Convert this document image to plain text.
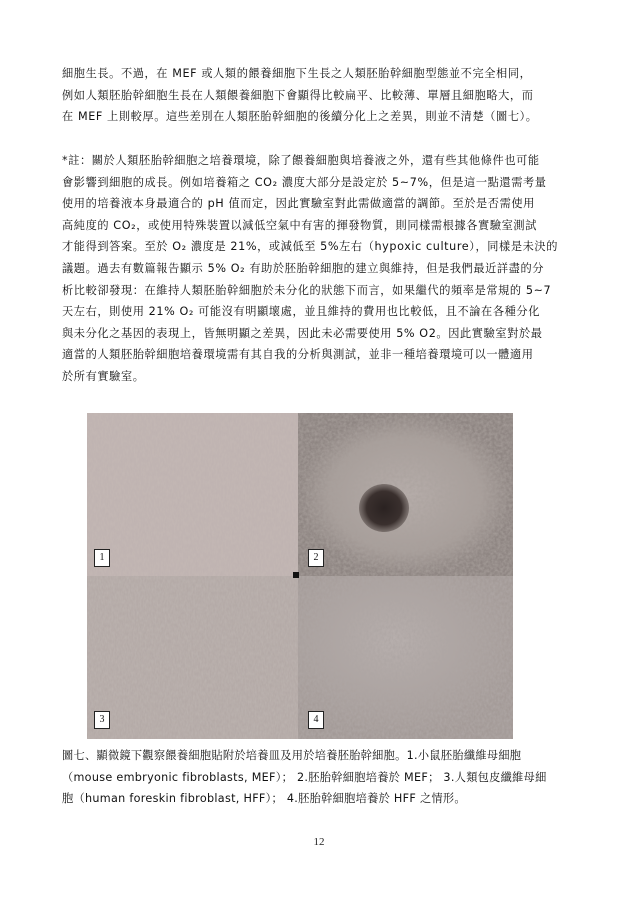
細胞生長。不過，在 MEF 或人類的餵養細胞下生長之人類胚胎幹細胞型態並不完全相同，
例如人類胚胎幹細胞生長在人類餵養細胞下會顯得比較扁平、比較薄、單層且細胞略大，而
在 MEF 上則較厚。這些差別在人類胚胎幹細胞的後續分化上之差異，則並不清楚（圖七）。
*註：關於人類胚胎幹細胞之培養環境，除了餵養細胞與培養液之外，還有些其他條件也可能
會影響到細胞的成長。例如培養箱之 CO₂ 濃度大部分是設定於 5~7%，但是這一點還需考量
使用的培養液本身最適合的 pH 值而定，因此實驗室對此需做適當的調節。至於是否需使用
高純度的 CO₂，或使用特殊裝置以減低空氣中有害的揮發物質，則同樣需根據各實驗室測試
才能得到答案。至於 O₂ 濃度是 21%，或減低至 5%左右（hypoxic culture），同樣是未決的
議題。過去有數篇報告顯示 5% O₂ 有助於胚胎幹細胞的建立與維持，但是我們最近詳盡的分
析比較卻發現：在維持人類胚胎幹細胞於未分化的狀態下而言，如果繼代的頻率是常規的 5~7
天左右，則使用 21% O₂ 可能沒有明顯壞處，並且維持的費用也比較低，且不論在各種分化
與未分化之基因的表現上，皆無明顯之差異，因此未必需要使用 5% O2。因此實驗室對於最
適當的人類胚胎幹細胞培養環境需有其自我的分析與測試，並非一種培養環境可以一體適用
於所有實驗室。
1	2
3	4
圖七、顯微鏡下觀察餵養細胞貼附於培養皿及用於培養胚胎幹細胞。1.小鼠胚胎纖維母細胞
（mouse embryonic fibroblasts, MEF）； 2.胚胎幹細胞培養於 MEF； 3.人類包皮纖維母細
胞（human foreskin fibroblast, HFF）； 4.胚胎幹細胞培養於 HFF 之情形。
12
